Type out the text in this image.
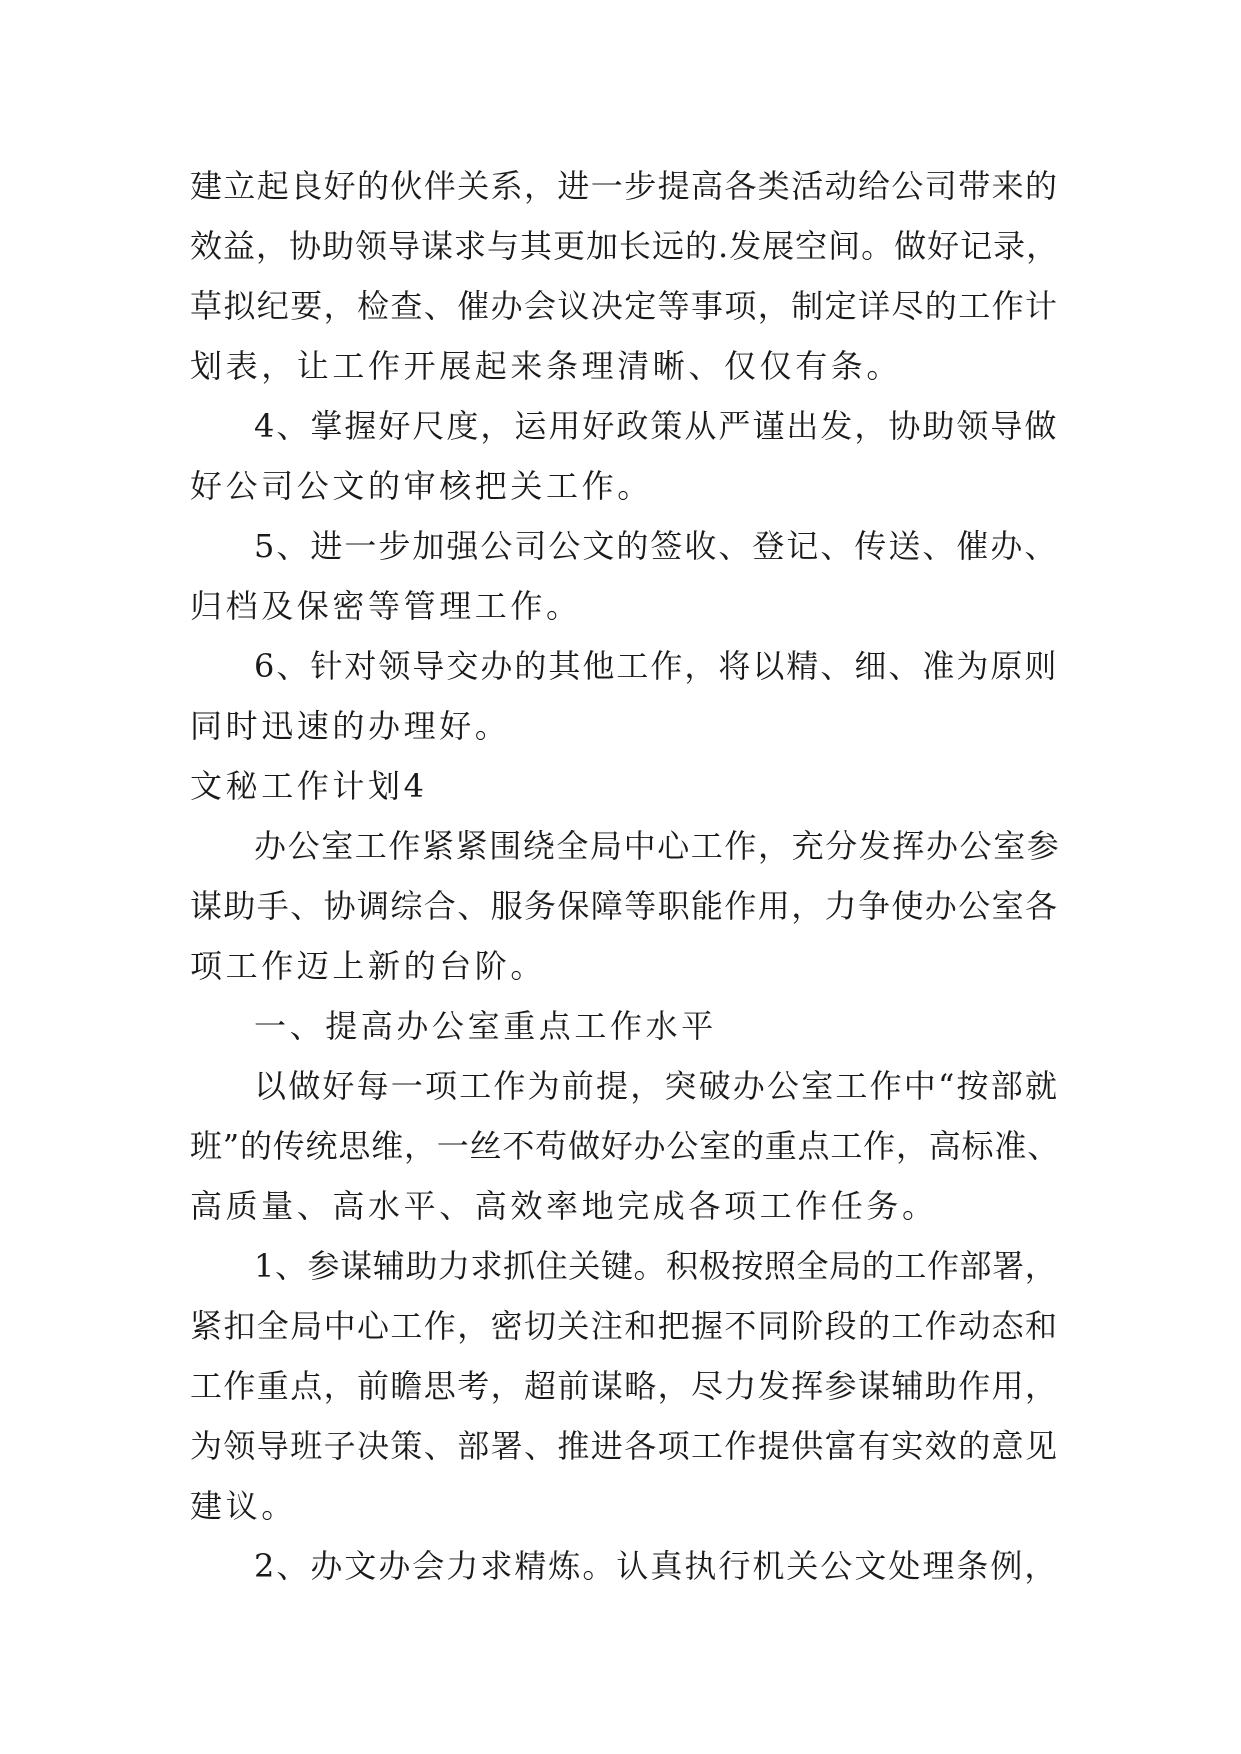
建立起良好的伙伴关系，进一步提高各类活动给公司带来的
效益，协助领导谋求与其更加长远的.发展空间。做好记录，
草拟纪要，检查、催办会议决定等事项，制定详尽的工作计
划表，让工作开展起来条理清晰、仅仅有条。
4、掌握好尺度，运用好政策从严谨出发，协助领导做
好公司公文的审核把关工作。
5、进一步加强公司公文的签收、登记、传送、催办、
归档及保密等管理工作。
6、针对领导交办的其他工作，将以精、细、准为原则
同时迅速的办理好。
文秘工作计划4
办公室工作紧紧围绕全局中心工作，充分发挥办公室参
谋助手、协调综合、服务保障等职能作用，力争使办公室各
项工作迈上新的台阶。
一、提高办公室重点工作水平
以做好每一项工作为前提，突破办公室工作中“按部就
班”的传统思维，一丝不苟做好办公室的重点工作，高标准、
高质量、高水平、高效率地完成各项工作任务。
1、参谋辅助力求抓住关键。积极按照全局的工作部署，
紧扣全局中心工作，密切关注和把握不同阶段的工作动态和
工作重点，前瞻思考，超前谋略，尽力发挥参谋辅助作用，
为领导班子决策、部署、推进各项工作提供富有实效的意见
建议。
2、办文办会力求精炼。认真执行机关公文处理条例，
